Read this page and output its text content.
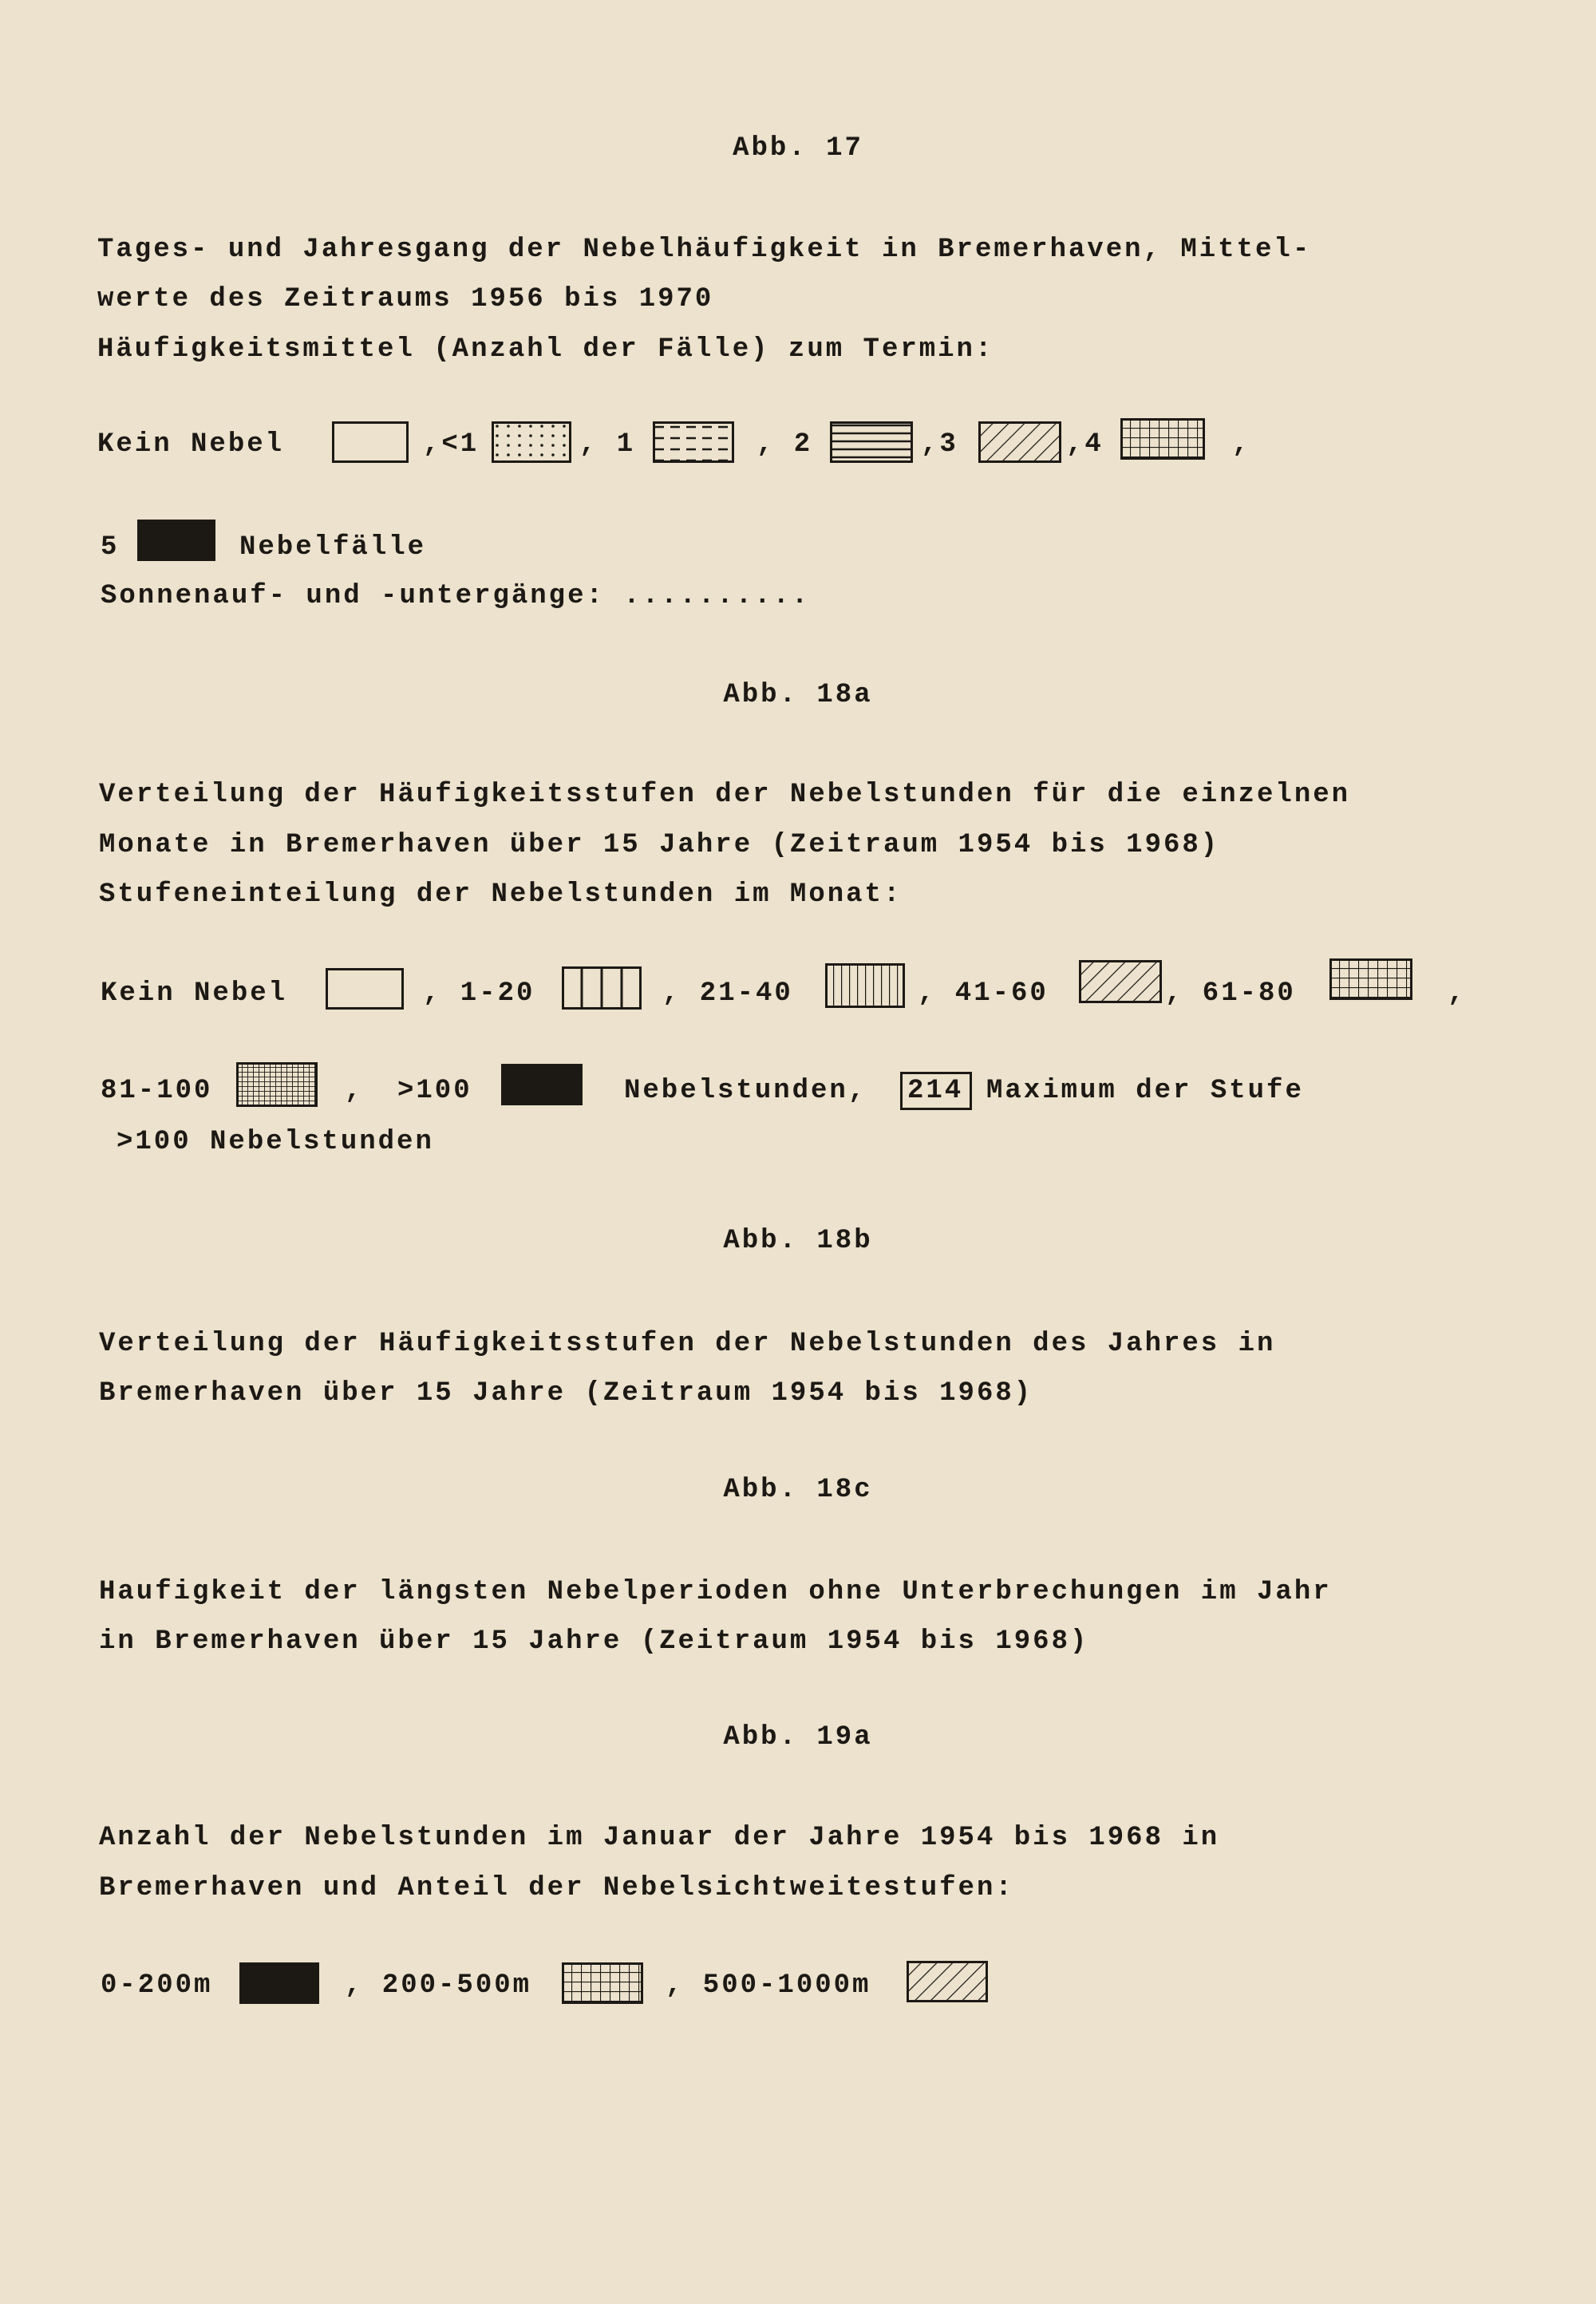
Abb. 17
Tages- und Jahresgang der Nebelhäufigkeit in Bremerhaven, Mittel-
werte des Zeitraums 1956 bis 1970
Häufigkeitsmittel (Anzahl der Fälle) zum Termin:
Kein Nebel	,<1	, 1	, 2	,3	,4	,
5	Nebelfälle
Sonnenauf- und -untergänge: ..........
Abb. 18a
Verteilung der Häufigkeitsstufen der Nebelstunden für die einzelnen
Monate in Bremerhaven über 15 Jahre (Zeitraum 1954 bis 1968)
Stufeneinteilung der Nebelstunden im Monat:
Kein Nebel	, 1-20	, 21-40	, 41-60	, 61-80	,
81-100	, >100	Nebelstunden, 214 Maximum der Stufe
>100 Nebelstunden
Abb. 18b
Verteilung der Häufigkeitsstufen der Nebelstunden des Jahres in
Bremerhaven über 15 Jahre (Zeitraum 1954 bis 1968)
Abb. 18c
Haufigkeit der längsten Nebelperioden ohne Unterbrechungen im Jahr
in Bremerhaven über 15 Jahre (Zeitraum 1954 bis 1968)
Abb. 19a
Anzahl der Nebelstunden im Januar der Jahre 1954 bis 1968 in
Bremerhaven und Anteil der Nebelsichtweitestufen:
0-200m	, 200-500m	, 500-1000m
